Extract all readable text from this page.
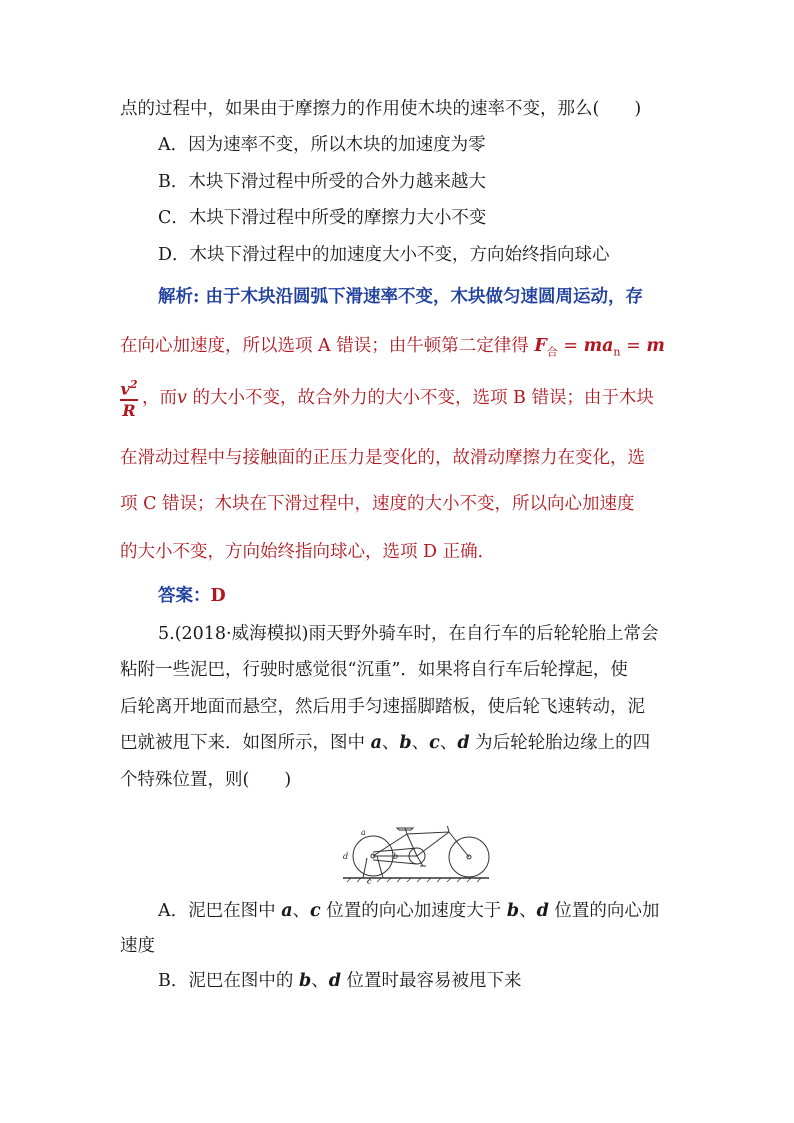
点的过程中，如果由于摩擦力的作用使木块的速率不变，那么(　　)
A．因为速率不变，所以木块的加速度为零
B．木块下滑过程中所受的合外力越来越大
C．木块下滑过程中所受的摩擦力大小不变
D．木块下滑过程中的加速度大小不变，方向始终指向球心
解析: 由于木块沿圆弧下滑速率不变，木块做匀速圆周运动，存
在向心加速度，所以选项 A 错误；由牛顿第二定律得 $F_合 = ma_n = m$
$v^2$
R
，而v 的大小不变，故合外力的大小不变，选项 B 错误；由于木块
在滑动过程中与接触面的正压力是变化的，故滑动摩擦力在变化，选
项 C 错误；木块在下滑过程中，速度的大小不变，所以向心加速度
的大小不变，方向始终指向球心，选项 D 正确．
答案：D
5.(2018·威海模拟)雨天野外骑车时，在自行车的后轮轮胎上常会
粘附一些泥巴，行驶时感觉很“沉重”．如果将自行车后轮撑起，使
后轮离开地面而悬空，然后用手匀速摇脚踏板，使后轮飞速转动，泥
巴就被甩下来．如图所示，图中 a、b、c、d 为后轮轮胎边缘上的四
个特殊位置，则(　　)
a
b
c
d
A．泥巴在图中 a、c 位置的向心加速度大于 b、d 位置的向心加
速度
B．泥巴在图中的 b、d 位置时最容易被甩下来
